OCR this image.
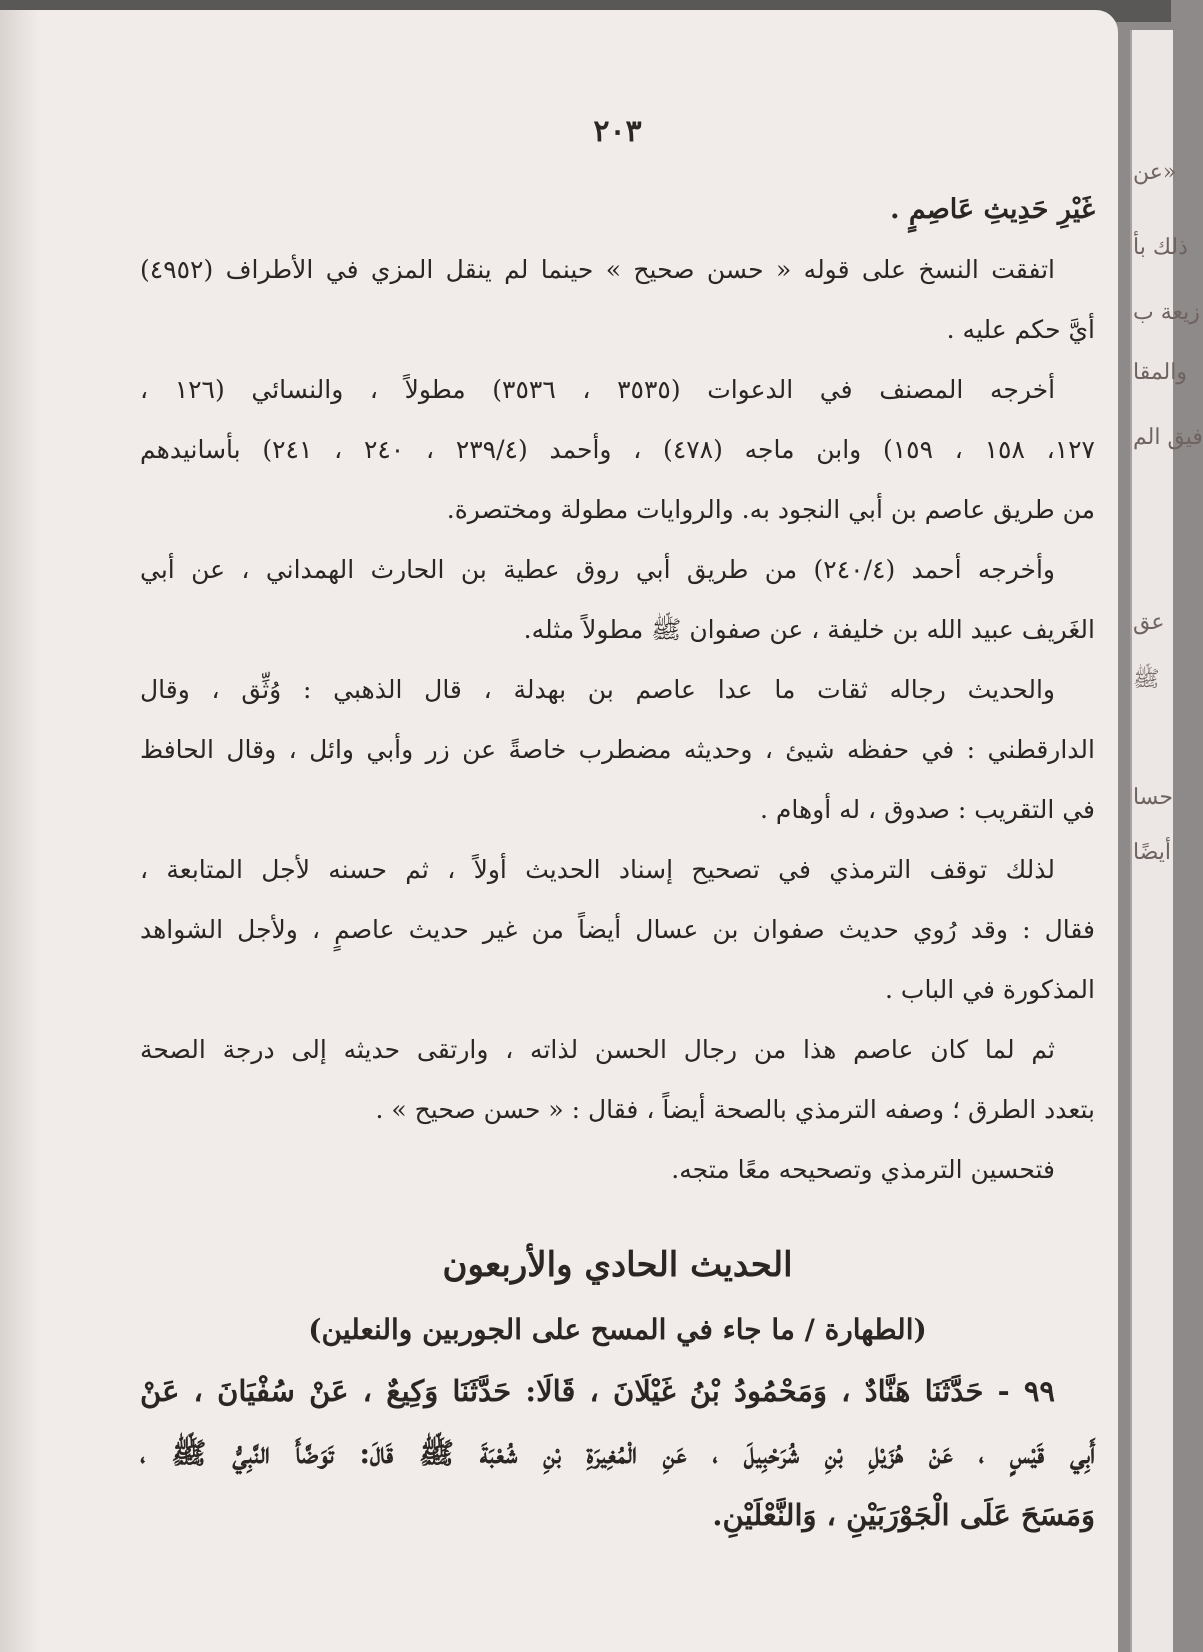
«عن
ذلك بأ
زيعة ب
والمقا
فيق الم
عق
ﷺ
حسا
أيضًا
٢٠٣
غَيْرِ حَدِيثِ عَاصِمٍ .
اتفقت النسخ على قوله « حسن صحيح » حينما لم ينقل المزي في الأطراف (٤٩٥٢)
أيَّ حكم عليه .
أخرجه المصنف في الدعوات (٣٥٣٥ ، ٣٥٣٦) مطولاً ، والنسائي (١٢٦ ،
١٢٧، ١٥٨ ، ١٥٩) وابن ماجه (٤٧٨) ، وأحمد (٢٣٩/٤ ، ٢٤٠ ، ٢٤١) بأسانيدهم
من طريق عاصم بن أبي النجود به. والروايات مطولة ومختصرة.
وأخرجه أحمد (٢٤٠/٤) من طريق أبي روق عطية بن الحارث الهمداني ، عن أبي
الغَريف عبيد الله بن خليفة ، عن صفوان ﷺ مطولاً مثله.
والحديث رجاله ثقات ما عدا عاصم بن بهدلة ، قال الذهبي : وُثِّق ، وقال
الدارقطني : في حفظه شيئ ، وحديثه مضطرب خاصةً عن زر وأبي وائل ، وقال الحافظ
في التقريب : صدوق ، له أوهام .
لذلك توقف الترمذي في تصحيح إسناد الحديث أولاً ، ثم حسنه لأجل المتابعة ،
فقال : وقد رُوي حديث صفوان بن عسال أيضاً من غير حديث عاصمٍ ، ولأجل الشواهد
المذكورة في الباب .
ثم لما كان عاصم هذا من رجال الحسن لذاته ، وارتقى حديثه إلى درجة الصحة
بتعدد الطرق ؛ وصفه الترمذي بالصحة أيضاً ، فقال : « حسن صحيح » .
فتحسين الترمذي وتصحيحه معًا متجه.
الحديث الحادي والأربعون
(الطهارة / ما جاء في المسح على الجوربين والنعلين)
٩٩ - حَدَّثَنَا هَنَّادٌ ، وَمَحْمُودُ بْنُ غَيْلَانَ ، قَالَا: حَدَّثَنَا وَكِيعٌ ، عَنْ سُفْيَانَ ، عَنْ
أَبِي قَيْسٍ ، عَنْ هُزَيْلِ بْنِ شُرَحْبِيلَ ، عَنِ الْمُغِيرَةِ بْنِ شُعْبَةَ ﷺ قَالَ: تَوَضَّأَ النَّبِيُّ ﷺ ،
وَمَسَحَ عَلَى الْجَوْرَبَيْنِ ، وَالنَّعْلَيْنِ.
